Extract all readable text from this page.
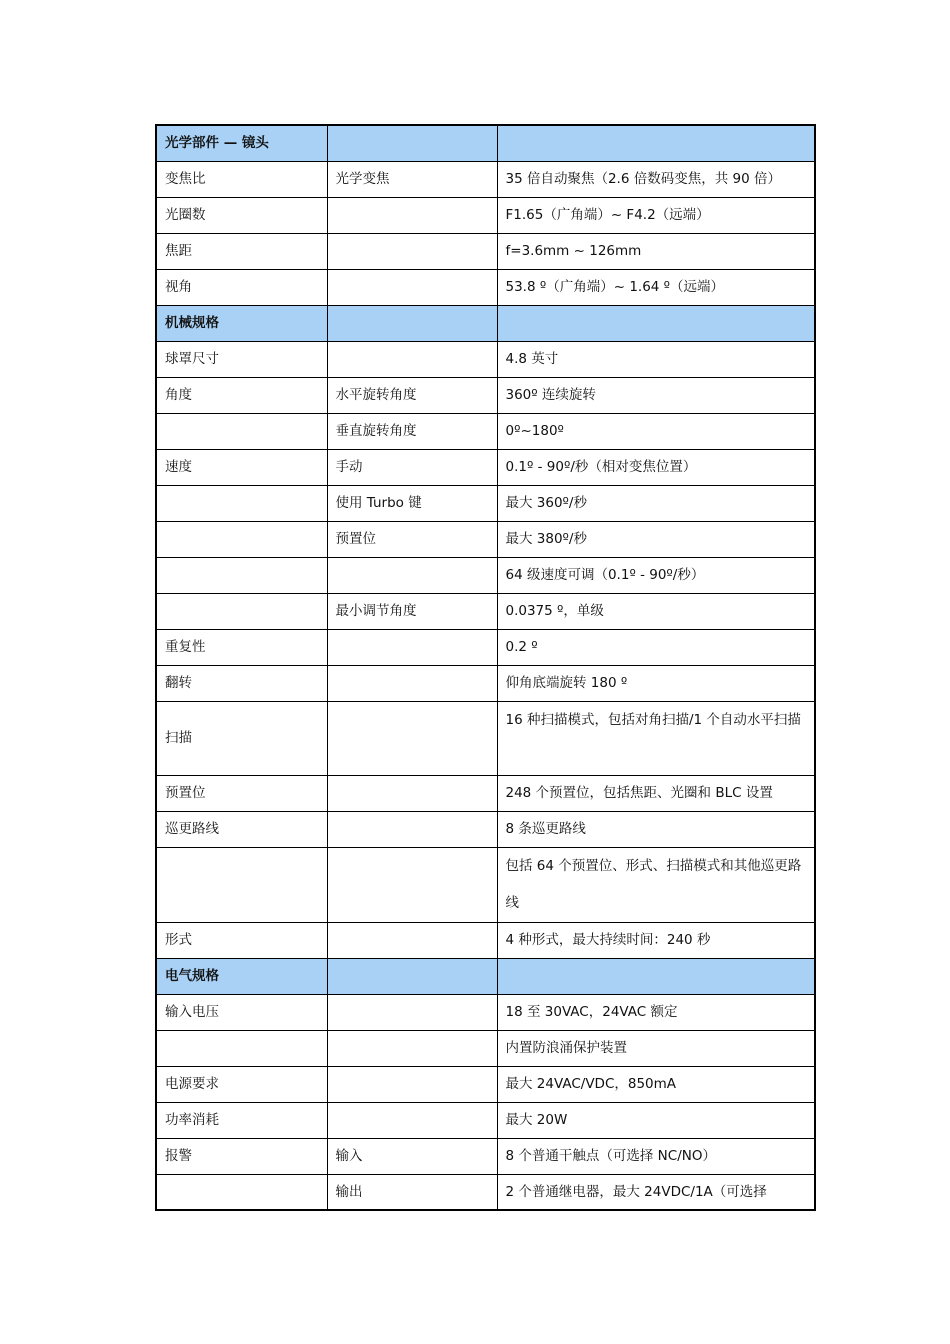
光学部件 — 镜头		
变焦比	光学变焦	35 倍自动聚焦（2.6 倍数码变焦，共 90 倍）
光圈数		F1.65（广角端）~ F4.2（远端）
焦距		f=3.6mm ~ 126mm
视角		53.8 º（广角端）~ 1.64 º（远端）
机械规格		
球罩尺寸		4.8 英寸
角度	水平旋转角度	360º 连续旋转
	垂直旋转角度	0º~180º
速度	手动	0.1º - 90º/秒（相对变焦位置）
	使用 Turbo 键	最大 360º/秒
	预置位	最大 380º/秒
		64 级速度可调（0.1º - 90º/秒）
	最小调节角度	0.0375 º，单级
重复性		0.2 º
翻转		仰角底端旋转 180 º
扫描		16 种扫描模式，包括对角扫描/1 个自动水平扫描
预置位		248 个预置位，包括焦距、光圈和 BLC 设置
巡更路线		8 条巡更路线
		包括 64 个预置位、形式、扫描模式和其他巡更路线
形式		4 种形式，最大持续时间：240 秒
电气规格		
输入电压		18 至 30VAC，24VAC 额定
		内置防浪涌保护装置
电源要求		最大 24VAC/VDC，850mA
功率消耗		最大 20W
报警	输入	8 个普通干触点（可选择 NC/NO）
	输出	2 个普通继电器，最大 24VDC/1A（可选择
